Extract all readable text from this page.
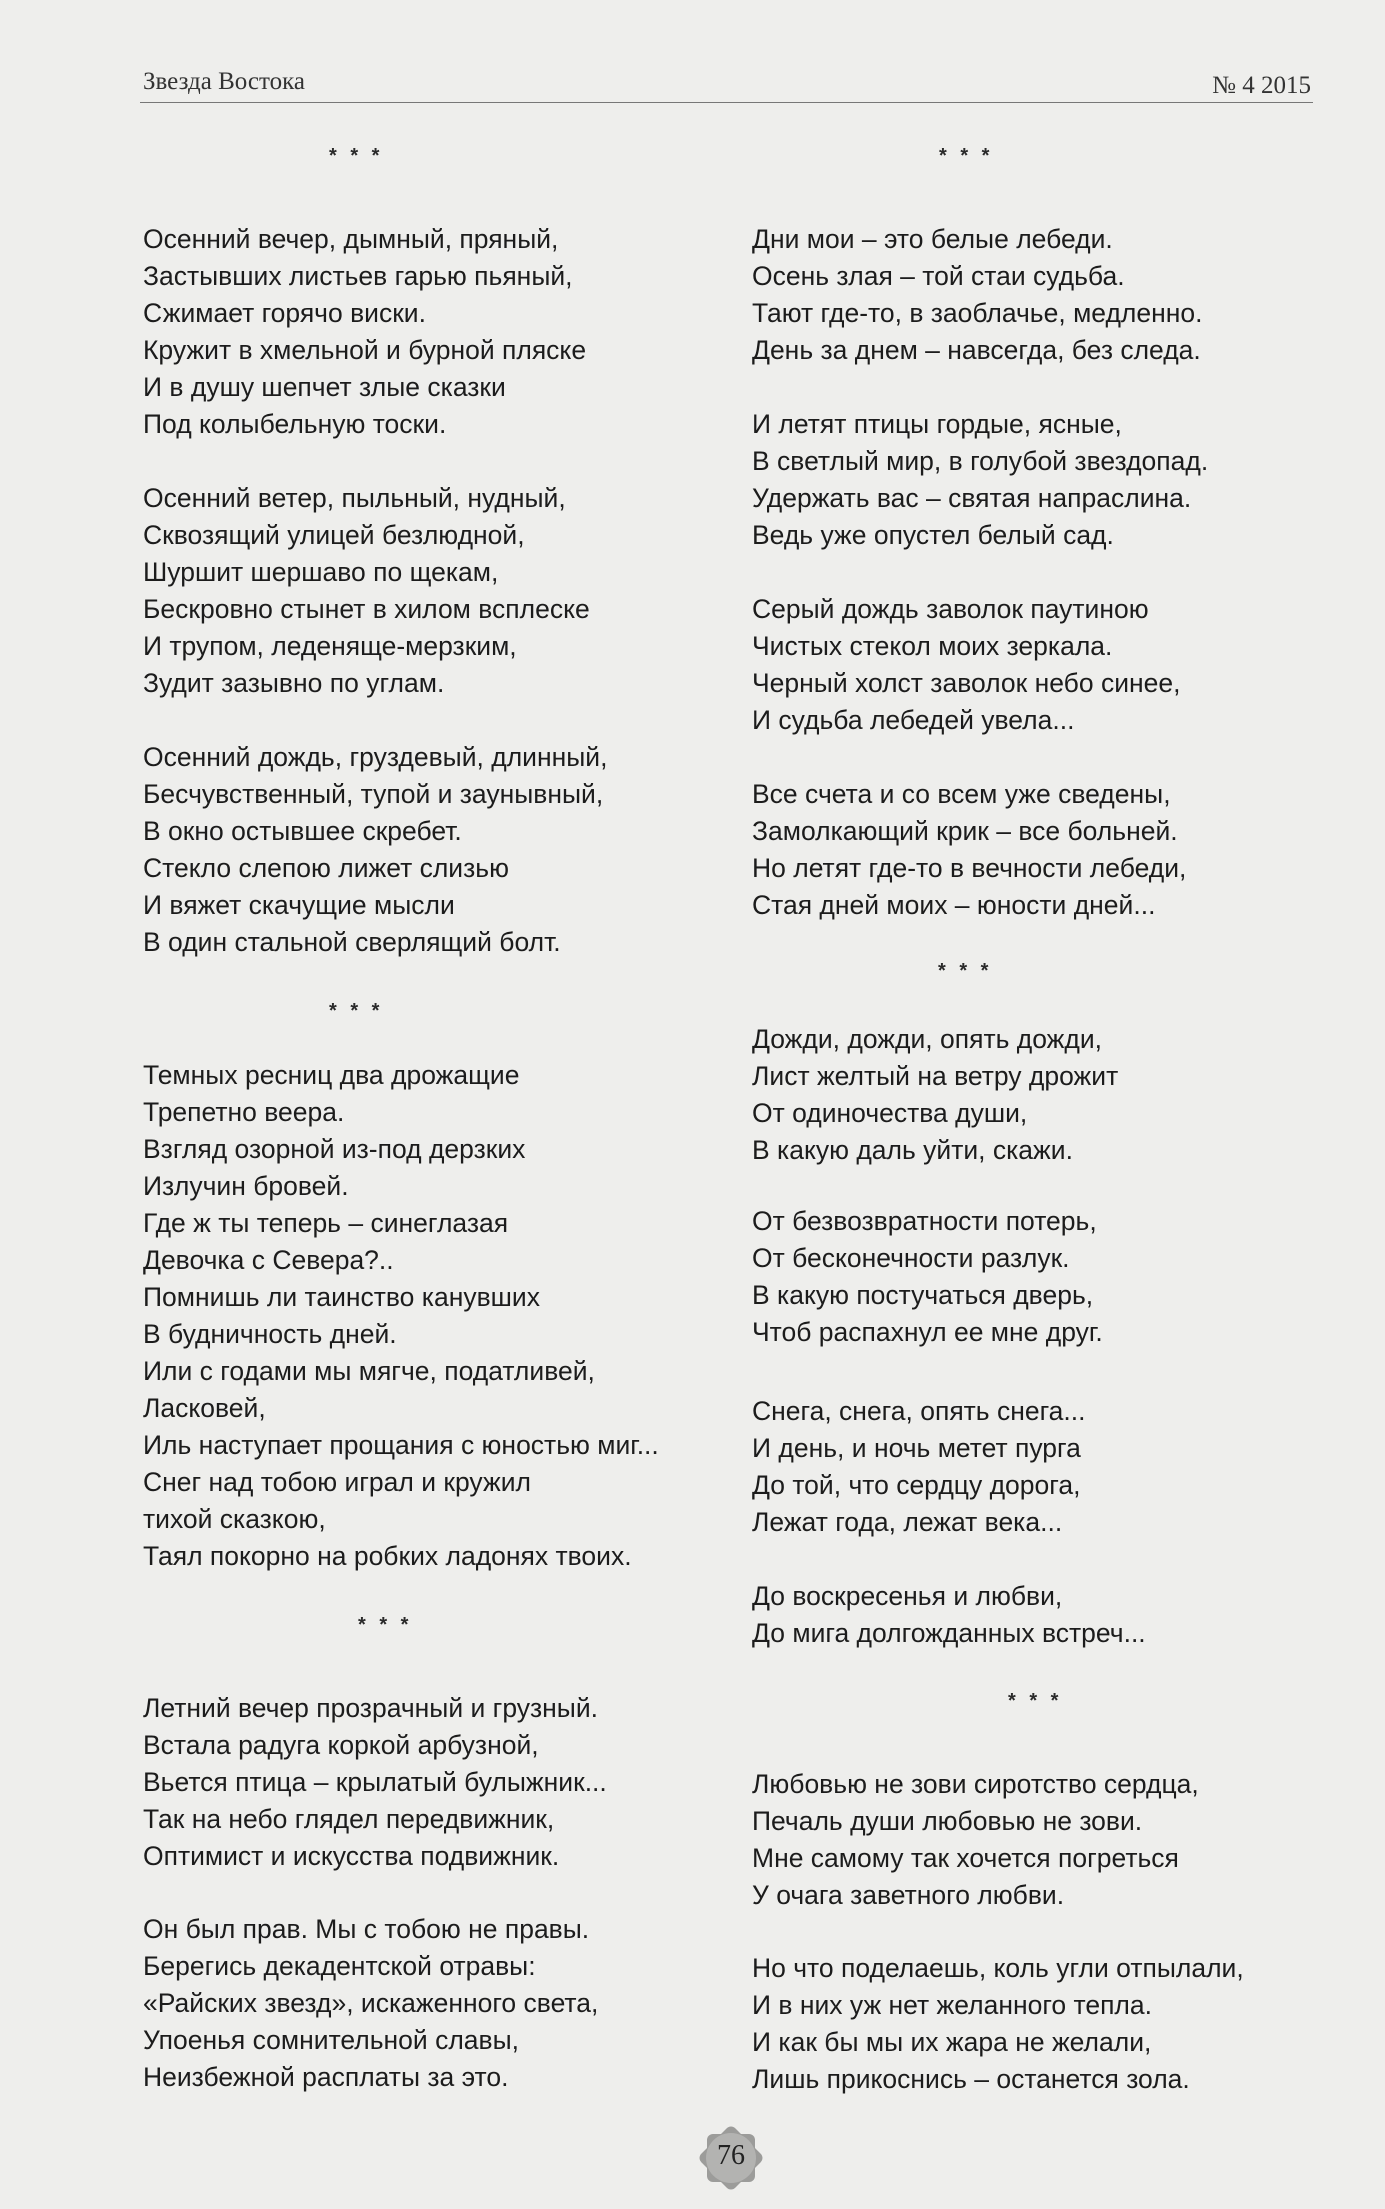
Звезда Востока	№ 4 2015
* * *
Осенний вечер, дымный, пряный,
Застывших листьев гарью пьяный,
Сжимает горячо виски.
Кружит в хмельной и бурной пляске
И в душу шепчет злые сказки
Под колыбельную тоски.
Осенний ветер, пыльный, нудный,
Сквозящий улицей безлюдной,
Шуршит шершаво по щекам,
Бескровно стынет в хилом всплеске
И трупом, леденяще-мерзким,
Зудит зазывно по углам.
Осенний дождь, груздевый, длинный,
Бесчувственный, тупой и заунывный,
В окно остывшее скребет.
Стекло слепою лижет слизью
И вяжет скачущие мысли
В один стальной сверлящий болт.
* * *
Темных ресниц два дрожащие
Трепетно веера.
Взгляд озорной из-под дерзких
Излучин бровей.
Где ж ты теперь – синеглазая
Девочка с Севера?..
Помнишь ли таинство канувших
В будничность дней.
Или с годами мы мягче, податливей,
Ласковей,
Иль наступает прощания с юностью миг...
Снег над тобою играл и кружил
тихой сказкою,
Таял покорно на робких ладонях твоих.
* * *
Летний вечер прозрачный и грузный.
Встала радуга коркой арбузной,
Вьется птица – крылатый булыжник...
Так на небо глядел передвижник,
Оптимист и искусства подвижник.
Он был прав. Мы с тобою не правы.
Берегись декадентской отравы:
«Райских звезд», искаженного света,
Упоенья сомнительной славы,
Неизбежной расплаты за это.
* * *
Дни мои – это белые лебеди.
Осень злая – той стаи судьба.
Тают где-то, в заоблачье, медленно.
День за днем – навсегда, без следа.
И летят птицы гордые, ясные,
В светлый мир, в голубой звездопад.
Удержать вас – святая напраслина.
Ведь уже опустел белый сад.
Серый дождь заволок паутиною
Чистых стекол моих зеркала.
Черный холст заволок небо синее,
И судьба лебедей увела...
Все счета и со всем уже сведены,
Замолкающий крик – все больней.
Но летят где-то в вечности лебеди,
Стая дней моих – юности дней...
* * *
Дожди, дожди, опять дожди,
Лист желтый на ветру дрожит
От одиночества души,
В какую даль уйти, скажи.
От безвозвратности потерь,
От бесконечности разлук.
В какую постучаться дверь,
Чтоб распахнул ее мне друг.
Снега, снега, опять снега...
И день, и ночь метет пурга
До той, что сердцу дорога,
Лежат года, лежат века...
До воскресенья и любви,
До мига долгожданных встреч...
* * *
Любовью не зови сиротство сердца,
Печаль души любовью не зови.
Мне самому так хочется погреться
У очага заветного любви.
Но что поделаешь, коль угли отпылали,
И в них уж нет желанного тепла.
И как бы мы их жара не желали,
Лишь прикоснись – останется зола.
76
